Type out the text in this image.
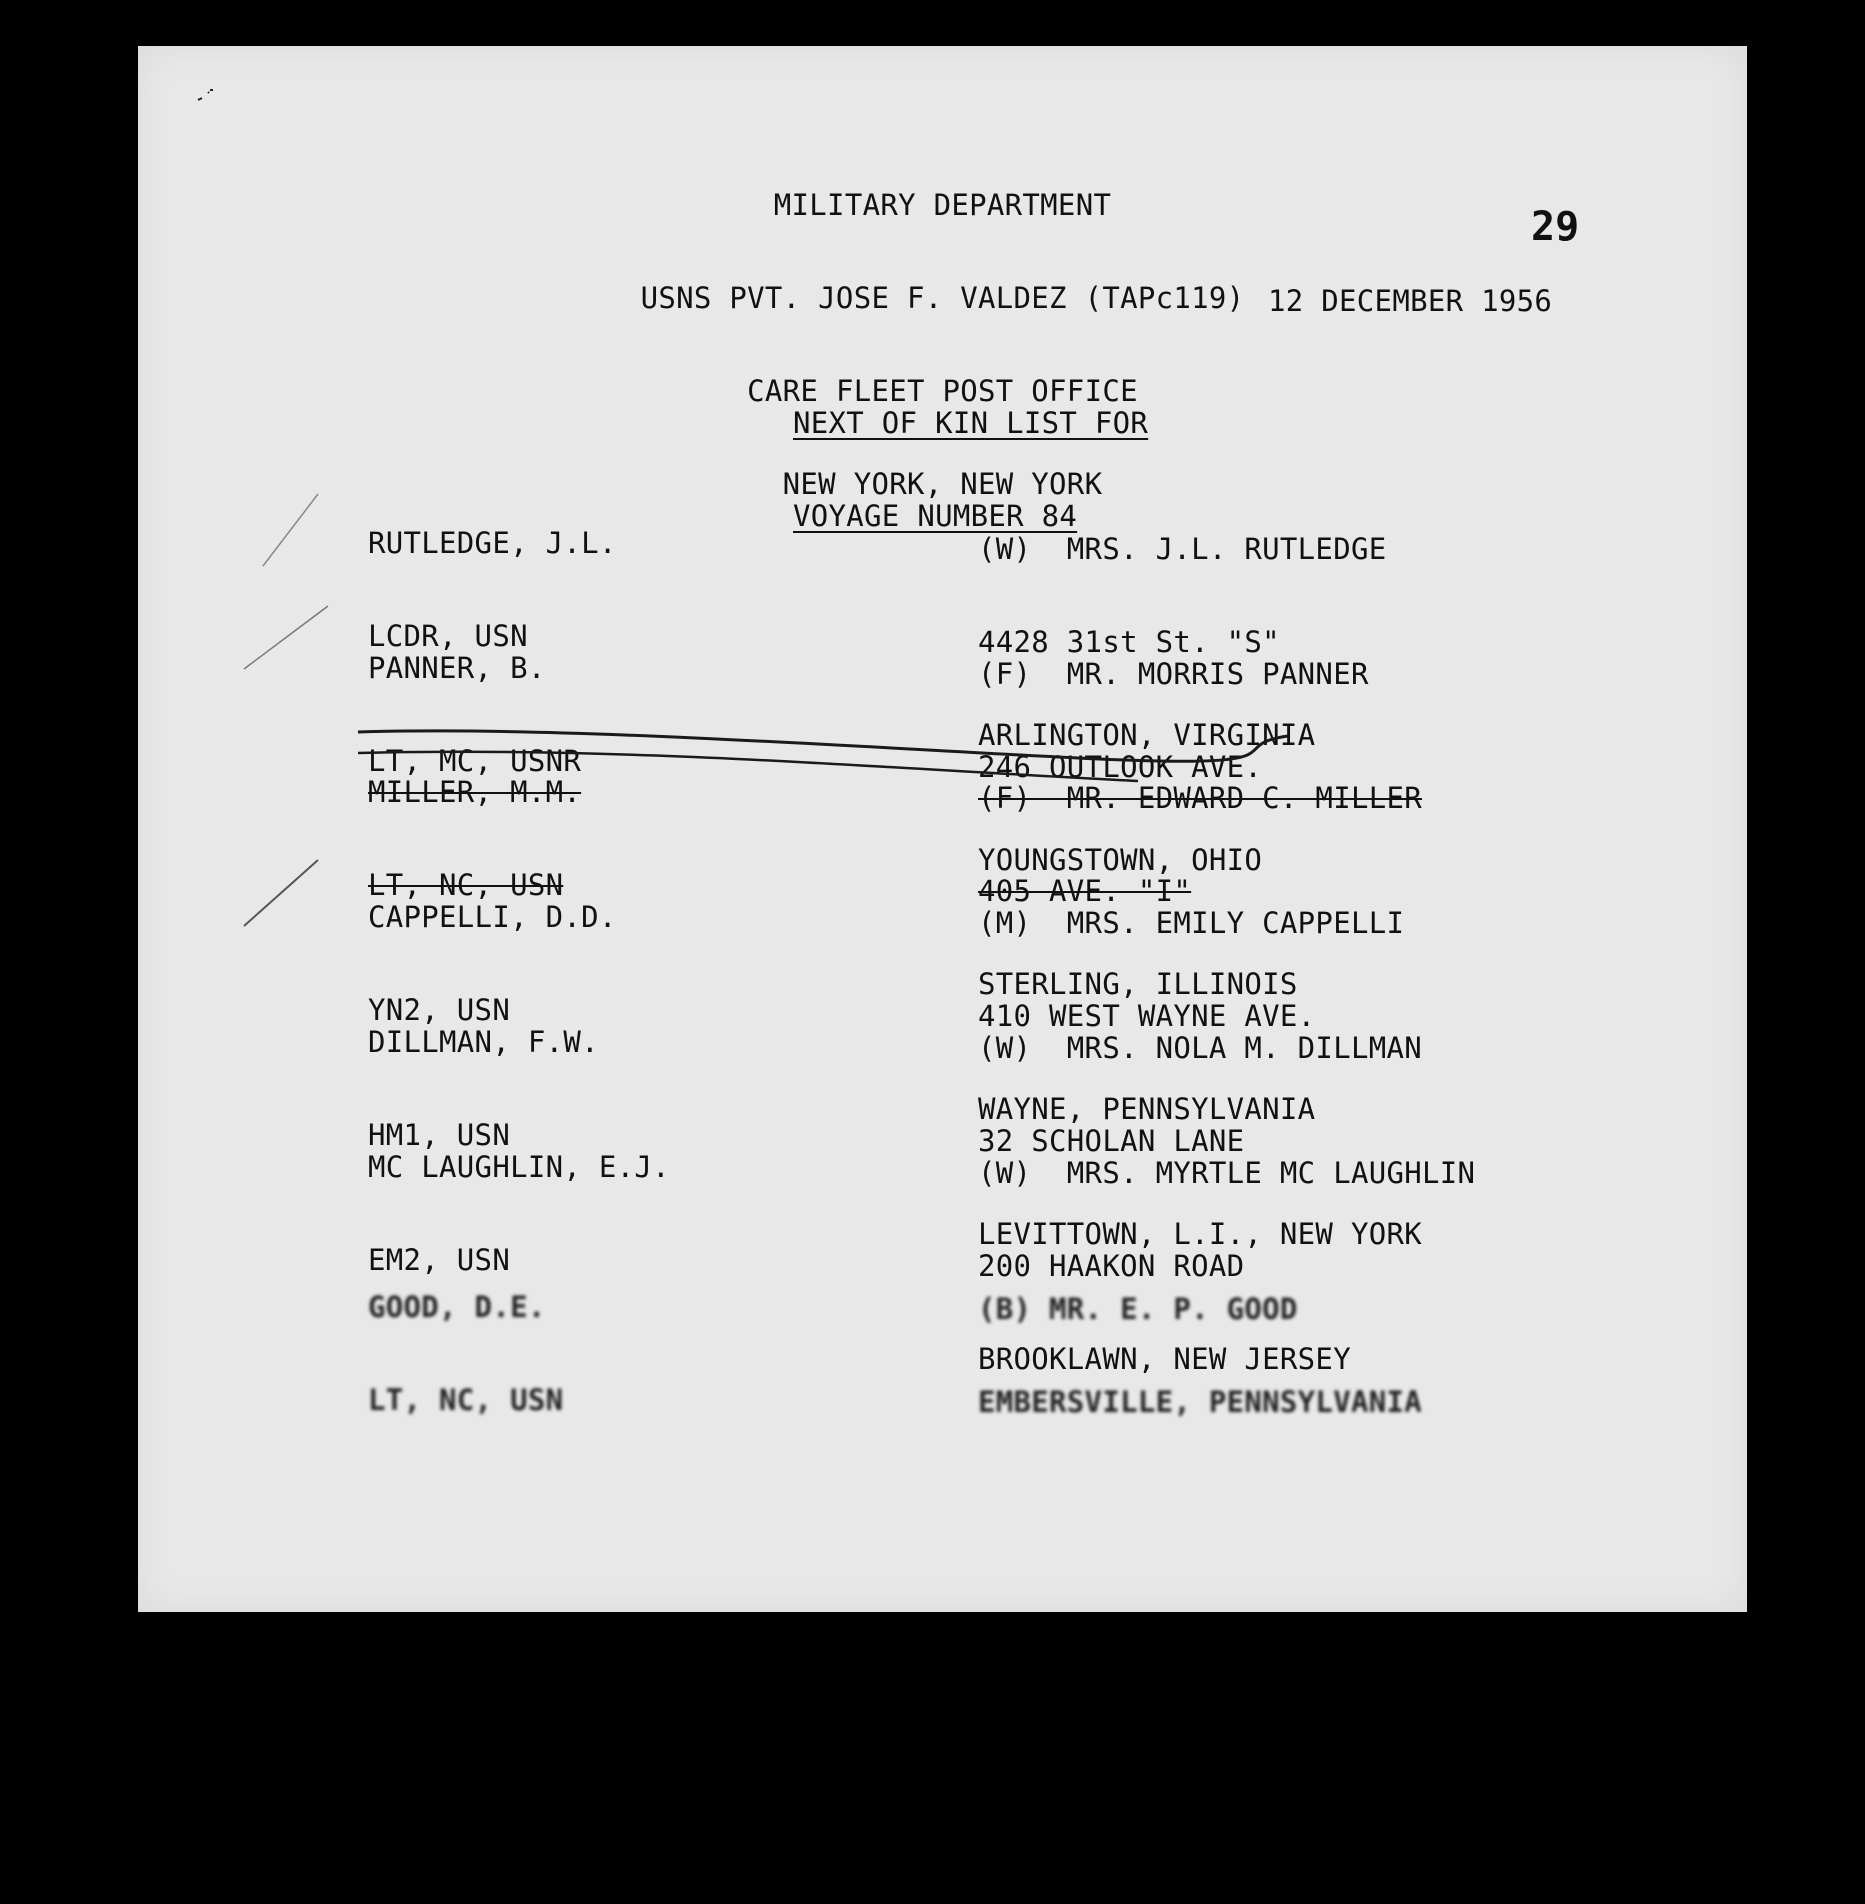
MILITARY DEPARTMENT

USNS PVT. JOSE F. VALDEZ (TAPc119)

CARE FLEET POST OFFICE

NEW YORK, NEW YORK

29
12 DECEMBER 1956

NEXT OF KIN LIST FOR

VOYAGE NUMBER 84

RUTLEDGE, J.L.

LCDR, USN

(W)  MRS. J.L. RUTLEDGE

4428 31st St. "S"

ARLINGTON, VIRGINIA

PANNER, B.

LT, MC, USNR

(F)  MR. MORRIS PANNER

246 OUTLOOK AVE.

YOUNGSTOWN, OHIO

MILLER, M.M.

LT, NC, USN

(F)  MR. EDWARD C. MILLER

405 AVE. "I"

STERLING, ILLINOIS

CAPPELLI, D.D.

YN2, USN

(M)  MRS. EMILY CAPPELLI

410 WEST WAYNE AVE.

WAYNE, PENNSYLVANIA

DILLMAN, F.W.

HM1, USN

(W)  MRS. NOLA M. DILLMAN

32 SCHOLAN LANE

LEVITTOWN, L.I., NEW YORK

MC LAUGHLIN, E.J.

EM2, USN

(W)  MRS. MYRTLE MC LAUGHLIN

200 HAAKON ROAD

BROOKLAWN, NEW JERSEY

GOOD, D.E.

LT, NC, USN

(B) MR. E. P. GOOD

EMBERSVILLE, PENNSYLVANIA
